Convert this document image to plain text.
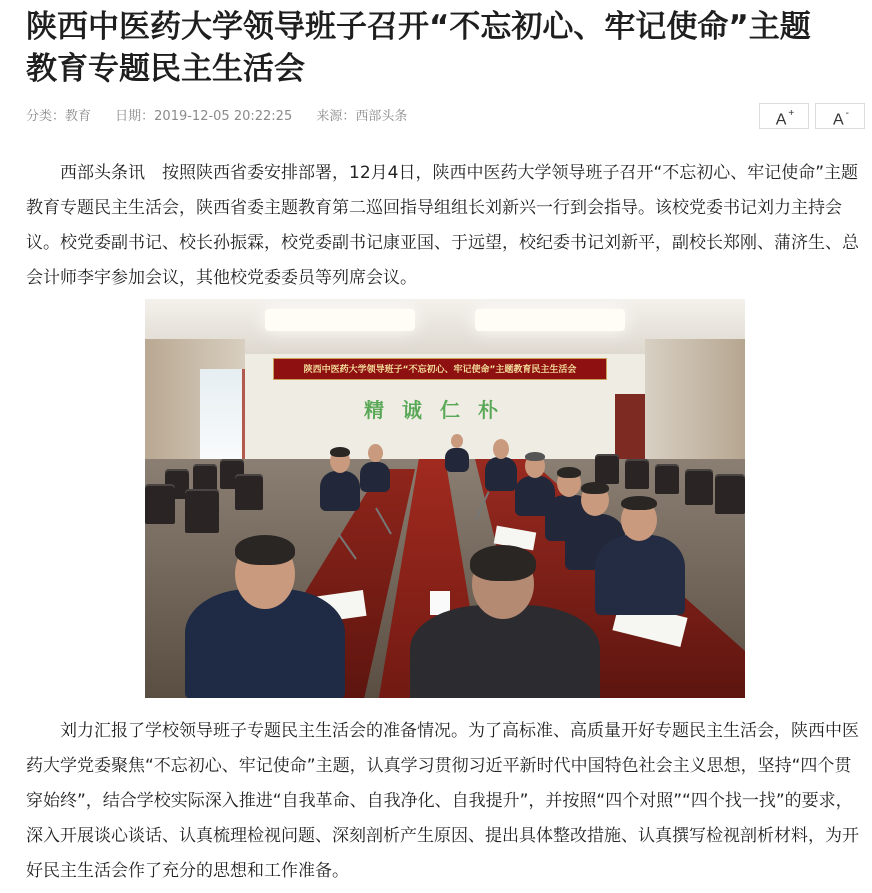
陕西中医药大学领导班子召开“不忘初心、牢记使命”主题教育专题民主生活会
分类：教育 日期：2019-12-05 20:22:25 来源：西部头条	A +	A -

西部头条讯　按照陕西省委安排部署，12月4日，陕西中医药大学领导班子召开“不忘初心、牢记使命”主题教育专题民主生活会，陕西省委主题教育第二巡回指导组组长刘新兴一行到会指导。该校党委书记刘力主持会议。校党委副书记、校长孙振霖，校党委副书记康亚国、于远望，校纪委书记刘新平，副校长郑刚、蒲济生、总会计师李宇参加会议，其他校党委委员等列席会议。

陕西中医药大学领导班子“不忘初心、牢记使命”主题教育民主生活会
精诚仁朴

刘力汇报了学校领导班子专题民主生活会的准备情况。为了高标准、高质量开好专题民主生活会，陕西中医药大学党委聚焦“不忘初心、牢记使命”主题，认真学习贯彻习近平新时代中国特色社会主义思想，坚持“四个贯穿始终”，结合学校实际深入推进“自我革命、自我净化、自我提升”，并按照“四个对照”“四个找一找”的要求，深入开展谈心谈话、认真梳理检视问题、深刻剖析产生原因、提出具体整改措施、认真撰写检视剖析材料，为开好民主生活会作了充分的思想和工作准备。
